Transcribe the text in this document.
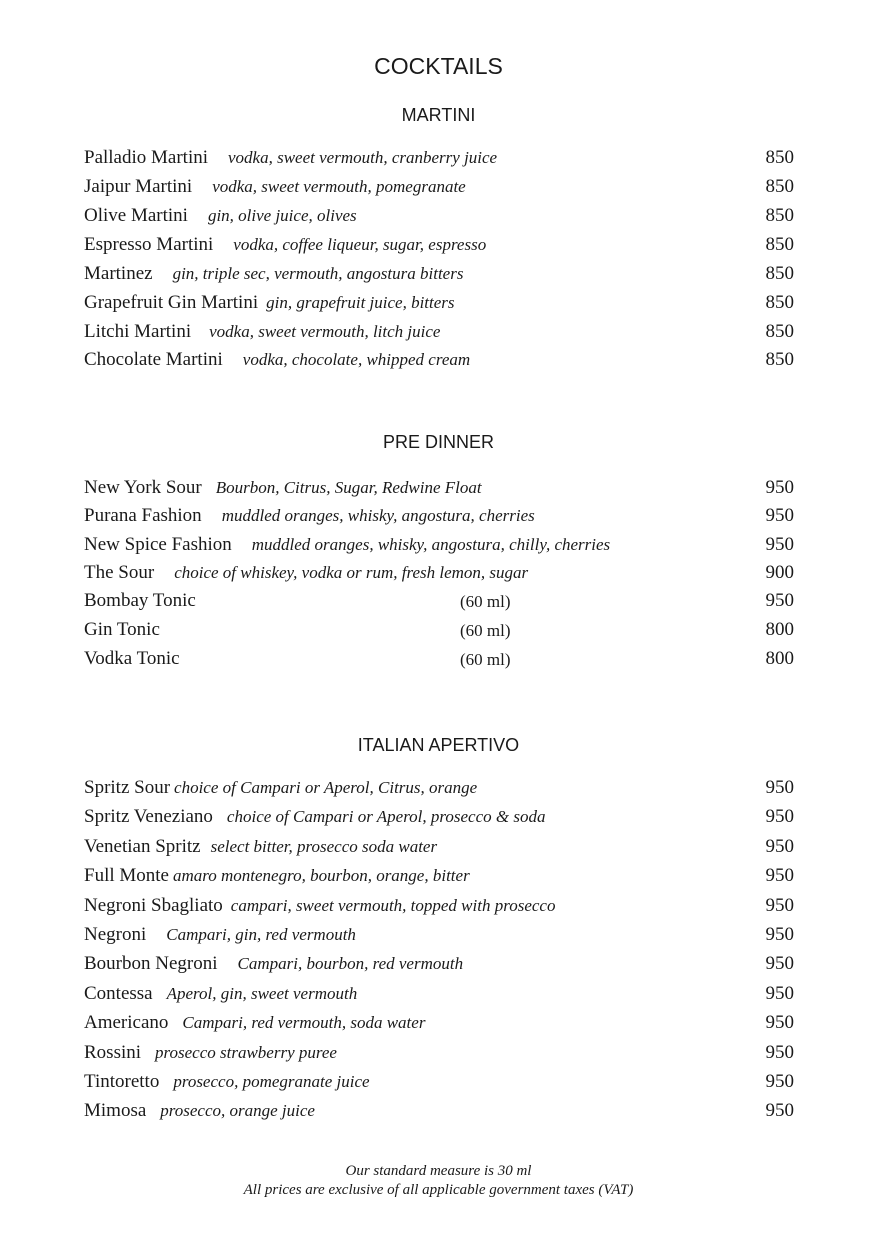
COCKTAILS
MARTINI
Palladio Martini vodka, sweet vermouth, cranberry juice	850
Jaipur Martini vodka, sweet vermouth, pomegranate	850
Olive Martini gin, olive juice, olives	850
Espresso Martini vodka, coffee liqueur, sugar, espresso	850
Martinez gin, triple sec, vermouth, angostura bitters	850
Grapefruit Gin Martini gin, grapefruit juice, bitters	850
Litchi Martini vodka, sweet vermouth, litch juice	850
Chocolate Martini vodka, chocolate, whipped cream	850
PRE DINNER
New York Sour Bourbon, Citrus, Sugar, Redwine Float	950
Purana Fashion muddled oranges, whisky, angostura, cherries	950
New Spice Fashion muddled oranges, whisky, angostura, chilly, cherries	950
The Sour choice of whiskey, vodka or rum, fresh lemon, sugar	900
Bombay Tonic	(60 ml)	950
Gin Tonic	(60 ml)	800
Vodka Tonic	(60 ml)	800
ITALIAN APERTIVO
Spritz Sour choice of Campari or Aperol, Citrus, orange	950
Spritz Veneziano choice of Campari or Aperol, prosecco & soda	950
Venetian Spritz select bitter, prosecco soda water	950
Full Monte amaro montenegro, bourbon, orange, bitter	950
Negroni Sbagliato campari, sweet vermouth, topped with prosecco	950
Negroni Campari, gin, red vermouth	950
Bourbon Negroni Campari, bourbon, red vermouth	950
Contessa Aperol, gin, sweet vermouth	950
Americano Campari, red vermouth, soda water	950
Rossini prosecco strawberry puree	950
Tintoretto prosecco, pomegranate juice	950
Mimosa prosecco, orange juice	950
Our standard measure is 30 ml
All prices are exclusive of all applicable government taxes (VAT)
